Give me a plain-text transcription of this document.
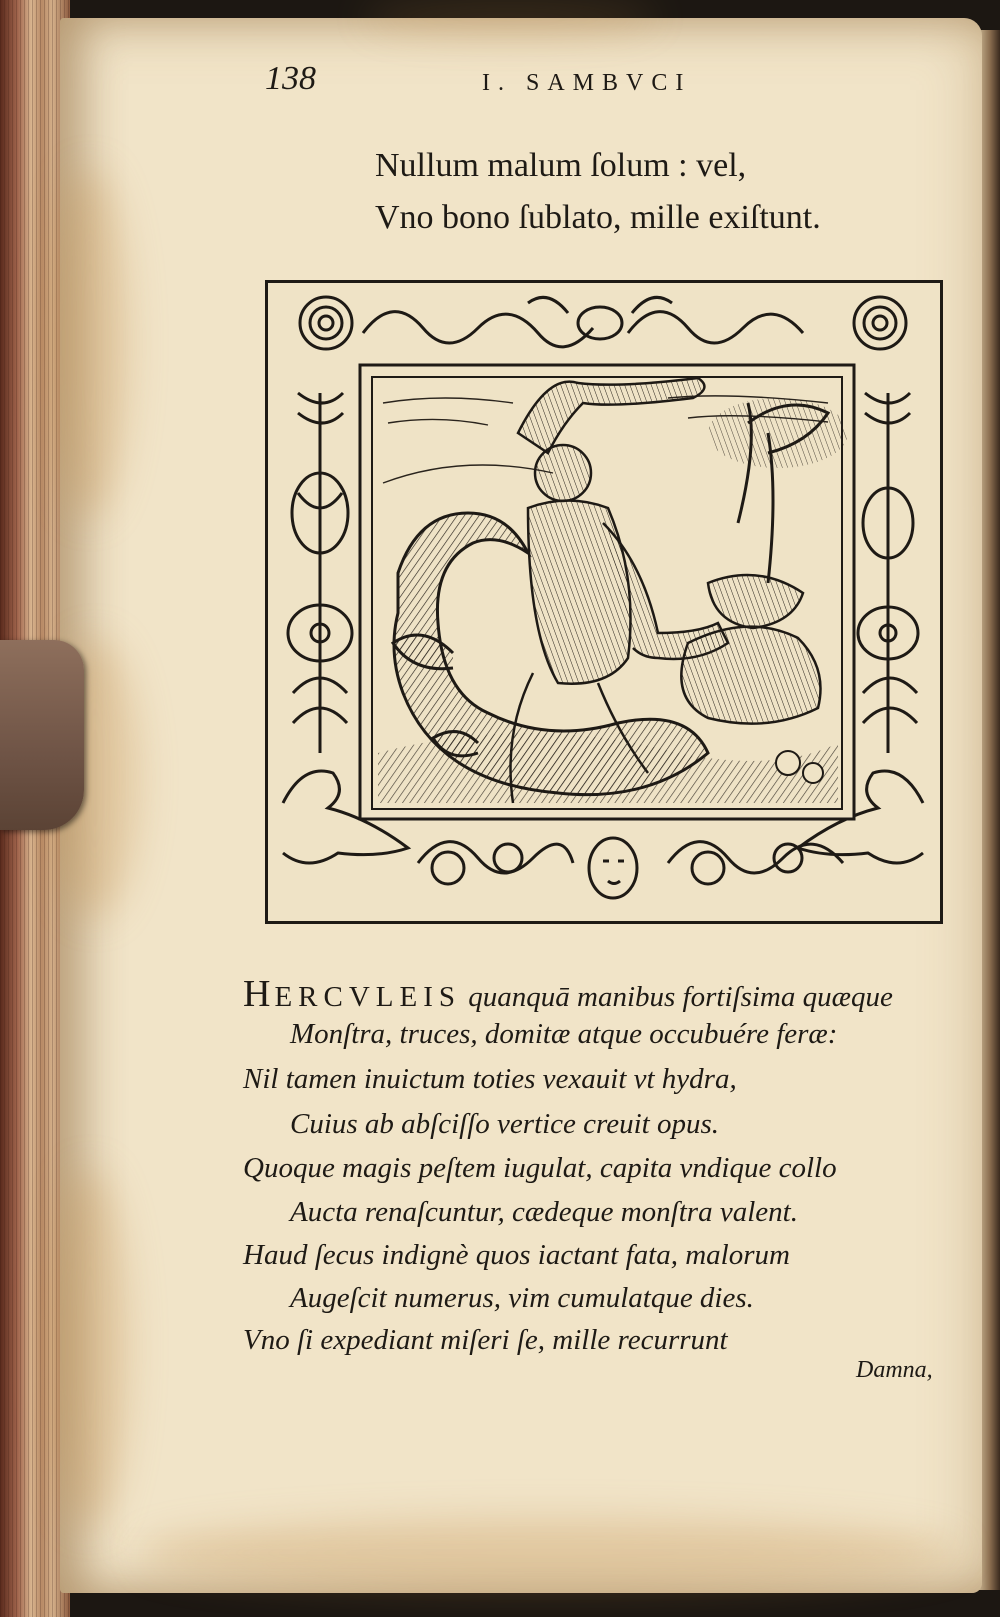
138	I. SAMBVCI
Nullum malum ſolum : vel,
Vno bono ſublato, mille exiſtunt.
HERCVLEIS quanquā manibus fortiſsima quæque
Monſtra, truces, domitæ atque occubuére feræ:
Nil tamen inuictum toties vexauit vt hydra,
Cuius ab abſciſſo vertice creuit opus.
Quoque magis peſtem iugulat, capita vndique collo
Aucta renaſcuntur, cædeque monſtra valent.
Haud ſecus indignè quos iactant fata, malorum
Augeſcit numerus, vim cumulatque dies.
Vno ſi expediant miſeri ſe, mille recurrunt
Damna,
